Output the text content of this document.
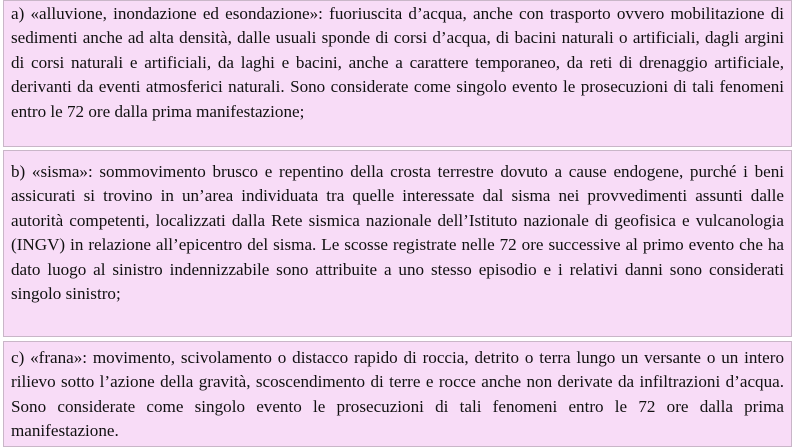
a) «alluvione, inondazione ed esondazione»: fuoriuscita d’acqua, anche con trasporto ovvero mobilitazione di sedimenti anche ad alta densità, dalle usuali sponde di corsi d’acqua, di bacini naturali o artificiali, dagli argini di corsi naturali e artificiali, da laghi e bacini, anche a carattere temporaneo, da reti di drenaggio artificiale, derivanti da eventi atmosferici naturali. Sono considerate come singolo evento le prosecuzioni di tali fenomeni entro le 72 ore dalla prima manifestazione;

b) «sisma»: sommovimento brusco e repentino della crosta terrestre dovuto a cause endogene, purché i beni assicurati si trovino in un’area individuata tra quelle interessate dal sisma nei provvedimenti assunti dalle autorità competenti, localizzati dalla Rete sismica nazionale dell’Istituto nazionale di geofisica e vulcanologia (INGV) in relazione all’epicentro del sisma. Le scosse registrate nelle 72 ore successive al primo evento che ha dato luogo al sinistro indennizzabile sono attribuite a uno stesso episodio e i relativi danni sono considerati singolo sinistro;

c) «frana»: movimento, scivolamento o distacco rapido di roccia, detrito o terra lungo un versante o un intero rilievo sotto l’azione della gravità, scoscendimento di terre e rocce anche non derivate da infiltrazioni d’acqua. Sono considerate come singolo evento le prosecuzioni di tali fenomeni entro le 72 ore dalla prima manifestazione.
